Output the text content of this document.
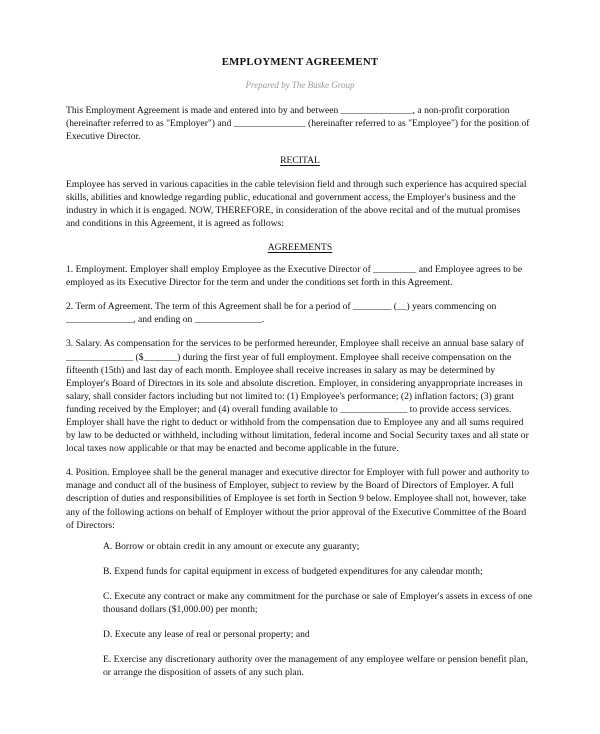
EMPLOYMENT AGREEMENT

Prepared by The Buske Group

This Employment Agreement is made and entered into by and between _______________, a non-profit corporation (hereinafter referred to as "Employer") and _______________ (hereinafter referred to as "Employee") for the position of Executive Director.

RECITAL

Employee has served in various capacities in the cable television field and through such experience has acquired special skills, abilities and knowledge regarding public, educational and government access, the Employer's business and the industry in which it is engaged. NOW, THEREFORE, in consideration of the above recital and of the mutual promises and conditions in this Agreement, it is agreed as follows:

AGREEMENTS

1. Employment. Employer shall employ Employee as the Executive Director of _________ and Employee agrees to be employed as its Executive Director for the term and under the conditions set forth in this Agreement.

2. Term of Agreement. The term of this Agreement shall be for a period of ________ (__) years commencing on ______________, and ending on ______________.

3. Salary. As compensation for the services to be performed hereunder, Employee shall receive an annual base salary of ______________ ($_______) during the first year of full employment. Employee shall receive compensation on the fifteenth (15th) and last day of each month. Employee shall receive increases in salary as may be determined by Employer's Board of Directors in its sole and absolute discretion. Employer, in considering anyappropriate increases in salary, shall consider factors including but not limited to: (1) Employee's performance; (2) inflation factors; (3) grant funding received by the Employer; and (4) overall funding available to ______________ to provide access services. Employer shall have the right to deduct or withhold from the compensation due to Employee any and all sums required by law to be deducted or withheld, including without limitation, federal income and Social Security taxes and all state or local taxes now applicable or that may be enacted and become applicable in the future.

4. Position. Employee shall be the general manager and executive director for Employer with full power and authority to manage and conduct all of the business of Employer, subject to review by the Board of Directors of Employer. A full description of duties and responsibilities of Employee is set forth in Section 9 below. Employee shall not, however, take any of the following actions on behalf of Employer without the prior approval of the Executive Committee of the Board of Directors:

A. Borrow or obtain credit in any amount or execute any guaranty;

B. Expend funds for capital equipment in excess of budgeted expenditures for any calendar month;

C. Execute any contract or make any commitment for the purchase or sale of Employer's assets in excess of one thousand dollars ($1,000.00) per month;

D. Execute any lease of real or personal property; and

E. Exercise any discretionary authority over the management of any employee welfare or pension benefit plan, or arrange the disposition of assets of any such plan.
